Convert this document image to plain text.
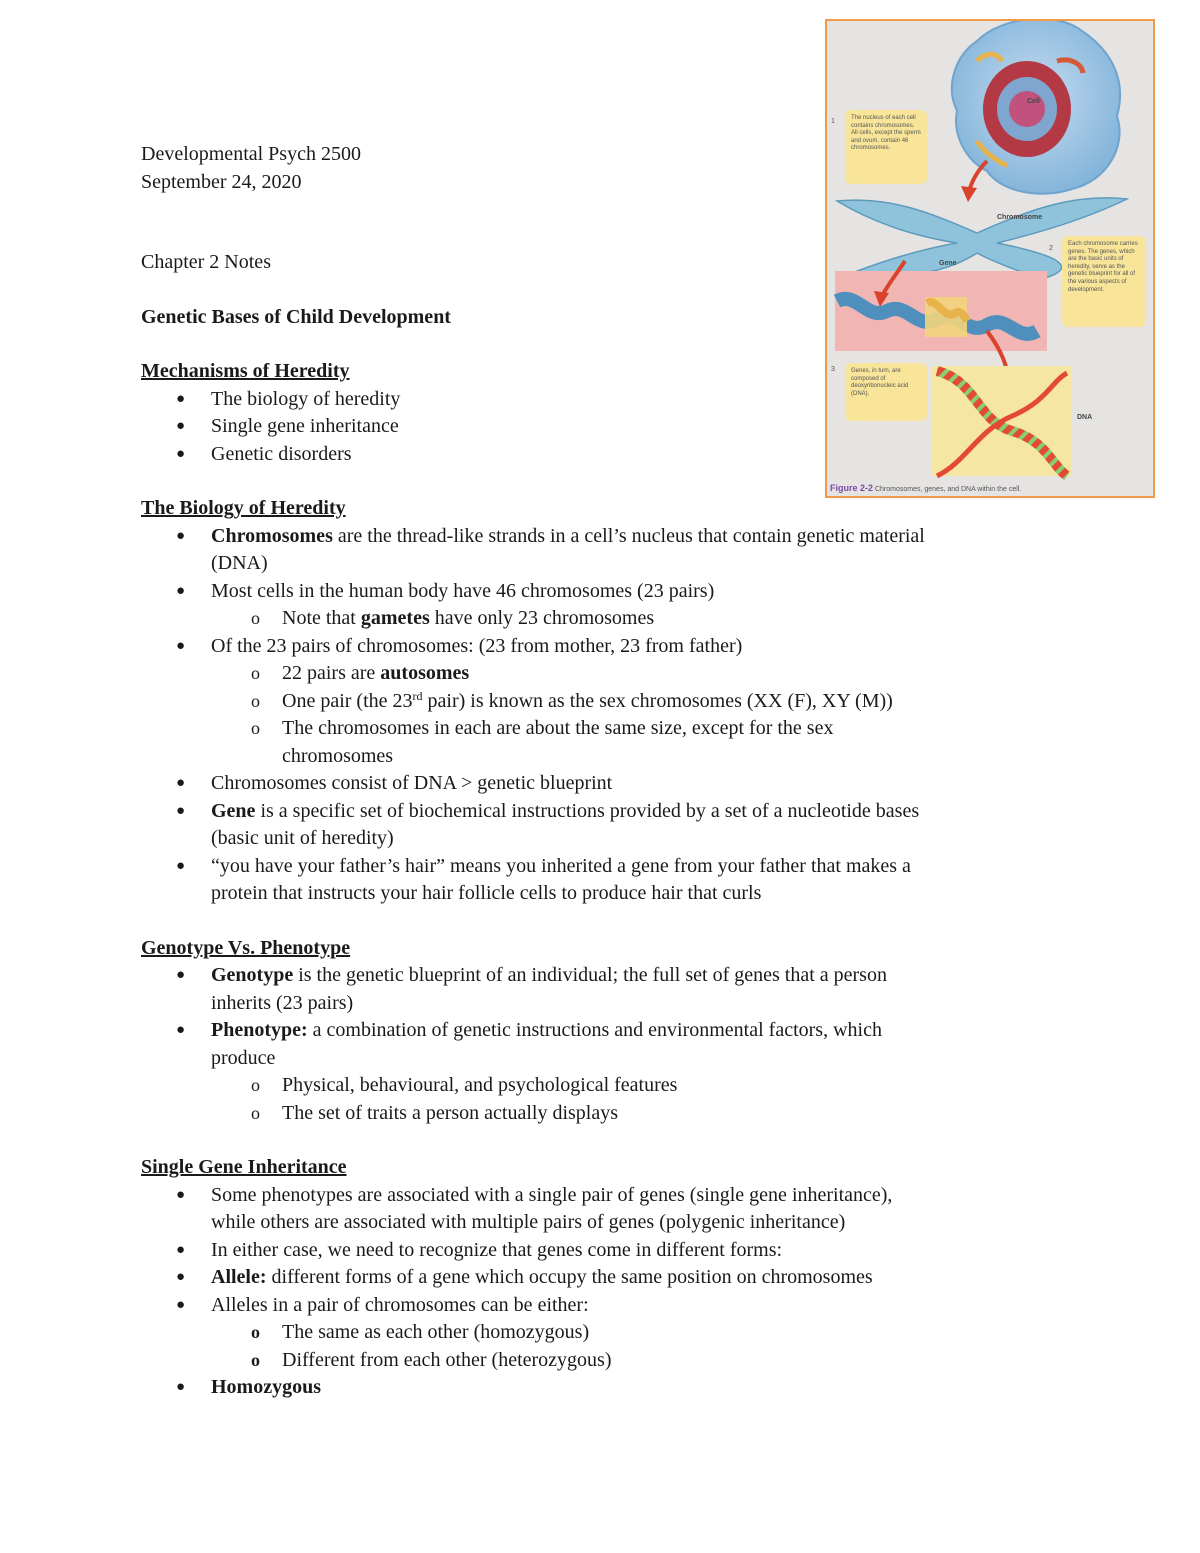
Developmental Psych 2500
September 24, 2020
Chapter 2 Notes
Genetic Bases of Child Development
Mechanisms of Heredity
● The biology of heredity
● Single gene inheritance
● Genetic disorders
The Biology of Heredity
● Chromosomes are the thread-like strands in a cell’s nucleus that contain genetic material
(DNA)
● Most cells in the human body have 46 chromosomes (23 pairs)
o Note that gametes have only 23 chromosomes
● Of the 23 pairs of chromosomes: (23 from mother, 23 from father)
o 22 pairs are autosomes
o One pair (the 23rd pair) is known as the sex chromosomes (XX (F), XY (M))
o The chromosomes in each are about the same size, except for the sex
chromosomes
● Chromosomes consist of DNA > genetic blueprint
● Gene is a specific set of biochemical instructions provided by a set of a nucleotide bases
(basic unit of heredity)
● “you have your father’s hair” means you inherited a gene from your father that makes a
protein that instructs your hair follicle cells to produce hair that curls
Genotype Vs. Phenotype
● Genotype is the genetic blueprint of an individual; the full set of genes that a person
inherits (23 pairs)
● Phenotype: a combination of genetic instructions and environmental factors, which
produce
o Physical, behavioural, and psychological features
o The set of traits a person actually displays
Single Gene Inheritance
● Some phenotypes are associated with a single pair of genes (single gene inheritance),
while others are associated with multiple pairs of genes (polygenic inheritance)
● In either case, we need to recognize that genes come in different forms:
● Allele: different forms of a gene which occupy the same position on chromosomes
● Alleles in a pair of chromosomes can be either:
o The same as each other (homozygous)
o Different from each other (heterozygous)
● Homozygous
Cell
Chromosome
Gene
DNA
1
2
3
The nucleus of each cell contains chromosomes. All cells, except the sperm and ovum, contain 46 chromosomes.
Each chromosome carries genes. The genes, which are the basic units of heredity, serve as the genetic blueprint for all of the various aspects of development.
Genes, in turn, are composed of deoxyribonucleic acid (DNA).
Figure 2-2 Chromosomes, genes, and DNA within the cell.
